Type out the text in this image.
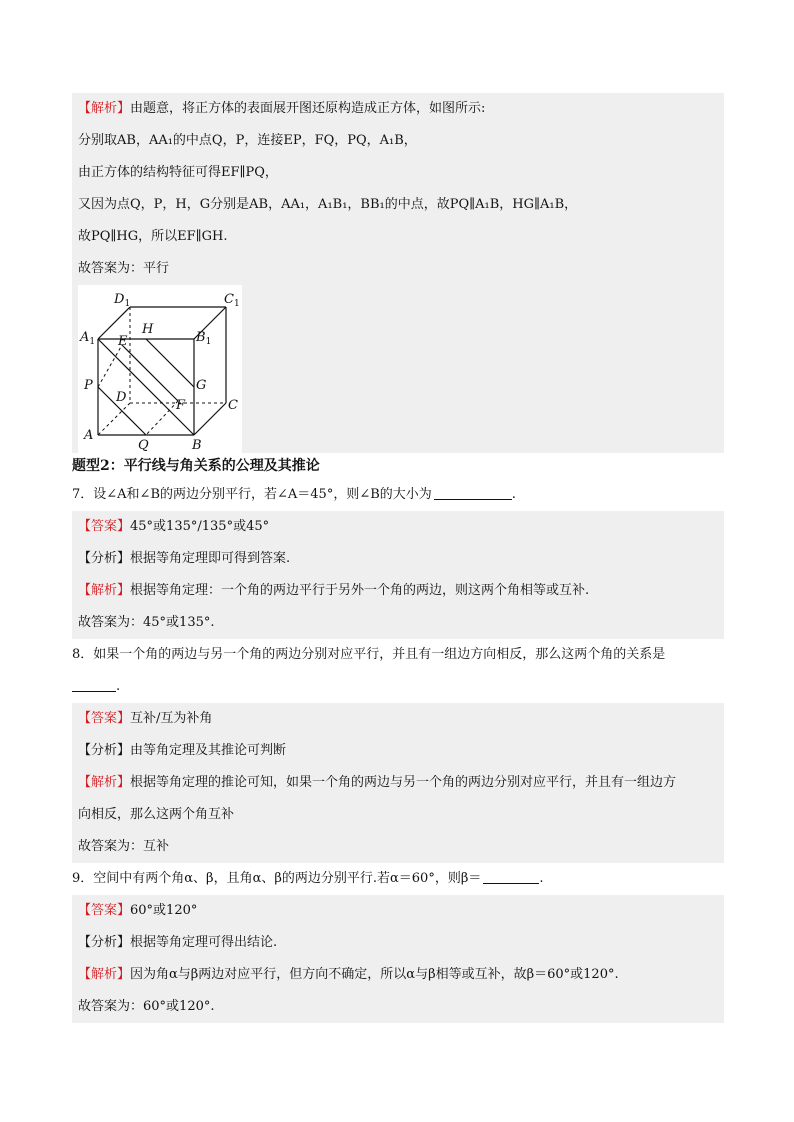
【解析】由题意，将正方体的表面展开图还原构造成正方体，如图所示:
分别取AB，AA₁的中点Q，P，连接EP，FQ，PQ，A₁B，
由正方体的结构特征可得EF∥PQ，
又因为点Q，P，H，G分别是AB，AA₁，A₁B₁，BB₁的中点，故PQ∥A₁B，HG∥A₁B，
故PQ∥HG，所以EF∥GH.
故答案为：平行
$D_1$	$C_1$
H
$A_1$ E	$B_1$
P	G
D
F	C
A
Q	B
题型2：平行线与角关系的公理及其推论
7．设∠A和∠B的两边分别平行，若∠A＝45°，则∠B的大小为	.
【答案】45°或135°/135°或45°
【分析】根据等角定理即可得到答案.
【解析】根据等角定理：一个角的两边平行于另外一个角的两边，则这两个角相等或互补.
故答案为：45°或135°.
8．如果一个角的两边与另一个角的两边分别对应平行，并且有一组边方向相反，那么这两个角的关系是
.
【答案】互补/互为补角
【分析】由等角定理及其推论可判断
【解析】根据等角定理的推论可知，如果一个角的两边与另一个角的两边分别对应平行，并且有一组边方
向相反，那么这两个角互补
故答案为：互补
9．空间中有两个角α、β，且角α、β的两边分别平行.若α＝60°，则β＝	.
【答案】60°或120°
【分析】根据等角定理可得出结论.
【解析】因为角α与β两边对应平行，但方向不确定，所以α与β相等或互补，故β＝60°或120°.
故答案为：60°或120°.
